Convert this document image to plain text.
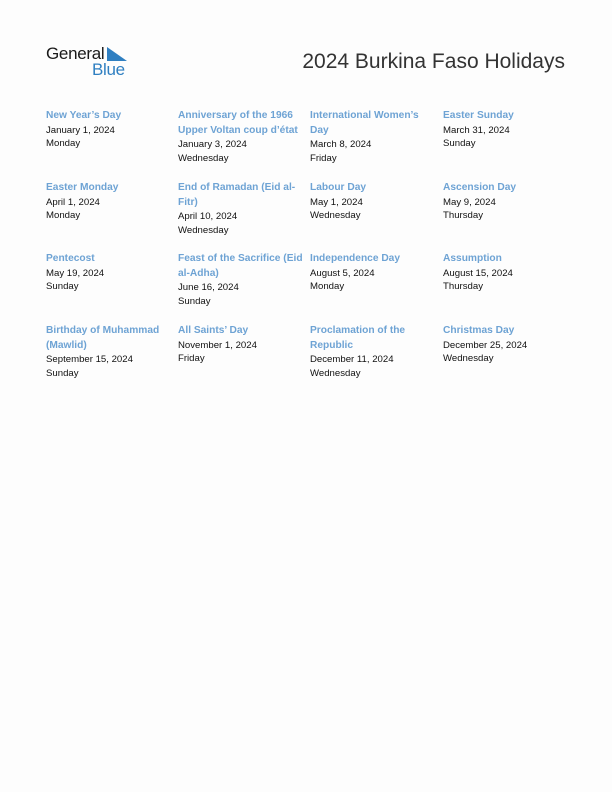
General
Blue	2024 Burkina Faso Holidays
New Year’s Day
January 1, 2024
Monday
Anniversary of the 1966 Upper Voltan coup d’état
January 3, 2024
Wednesday
International Women’s Day
March 8, 2024
Friday
Easter Sunday
March 31, 2024
Sunday
Easter Monday
April 1, 2024
Monday
End of Ramadan (Eid al-Fitr)
April 10, 2024
Wednesday
Labour Day
May 1, 2024
Wednesday
Ascension Day
May 9, 2024
Thursday
Pentecost
May 19, 2024
Sunday
Feast of the Sacrifice (Eid al-Adha)
June 16, 2024
Sunday
Independence Day
August 5, 2024
Monday
Assumption
August 15, 2024
Thursday
Birthday of Muhammad (Mawlid)
September 15, 2024
Sunday
All Saints’ Day
November 1, 2024
Friday
Proclamation of the Republic
December 11, 2024
Wednesday
Christmas Day
December 25, 2024
Wednesday
